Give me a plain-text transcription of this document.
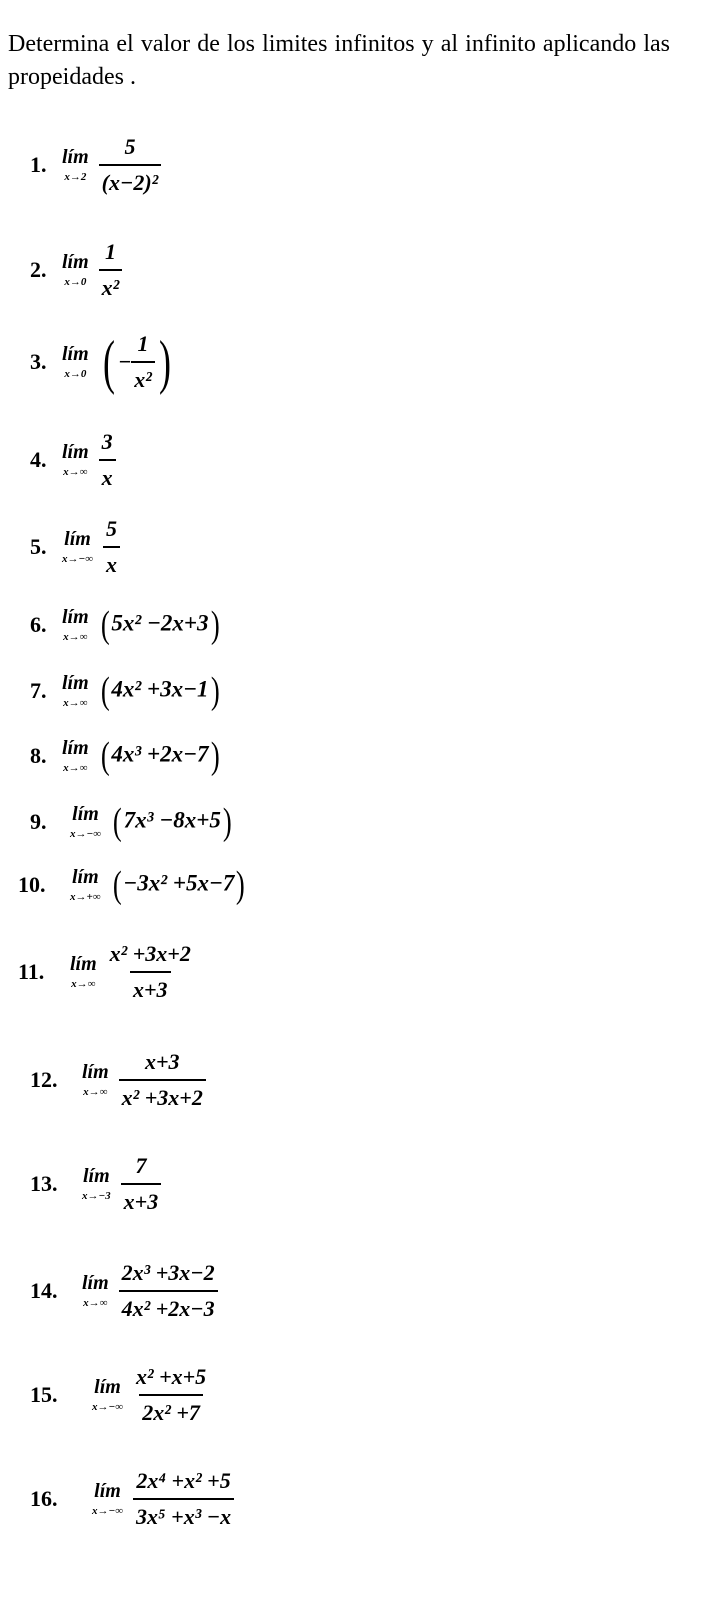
Determina el valor de los limites infinitos y al infinito aplicando las propeidades .
1. lím
$x\to 2 \frac{5}{\text{(x−2)²}}$
2. lím
$x\to 0 \frac{1}{\text{x²}}$
3. lím
x→0 ( − $\frac{1}{\text{x²}}$ )
4. lím
$x\to\infty \frac{3}{x}$
5. lím
$x\to-\infty \frac{5}{x}$
6. lím
x→∞ (5x² −2x+3)
7. lím
x→∞ (4x² +3x−1)
8. lím
x→∞ (4x³ +2x−7)
9.	lím
x→−∞ (7x³ −8x+5)
10.	lím
x→+∞ (−3x² +5x−7)
11.	lím
$x\to\infty \frac{\text{x² +3x+2}}{x+3}$
12.	lím
$x\to\infty \frac{x+3}{\text{x² +3x+2}}$
13.	lím
$x\to-3 \frac{7}{x+3}$
14.	lím
$x\to\infty \frac{\text{2x³ +3x−2}}{\text{4x² +2x−3}}$
15.	lím
$x\to-\infty \frac{\text{x² +x+5}}{\text{2x² +7}}$
16.	lím
$x\to-\infty \frac{\text{2x⁴ +x² +5}}{\text{3x⁵ +x³ −x}}$
